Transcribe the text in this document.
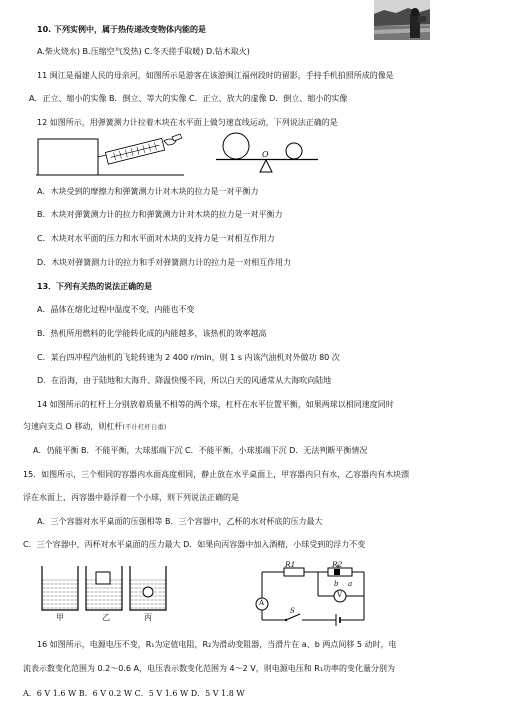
10. 下列实例中，属于热传递改变物体内能的是
A.柴火烧水) B.压缩空气发热) C.冬天搓手取暖) D.钻木取火)
11 闽江是福建人民的母亲河，如图所示是游客在该游闽江福州段时的留影，手持手机拍照所成的像是
A．正立、缩小的实像 B．倒立、等大的实像 C．正立、放大的虚像 D．倒立、缩小的实像
12 如图所示，用弹簧测力计拉着木块在水平面上做匀速直线运动，下列说法正确的是
O
A．木块受到的摩擦力和弹簧测力计对木块的拉力是一对平衡力
B．木块对弹簧测力计的拉力和弹簧测力计对木块的拉力是一对平衡力
C．木块对水平面的压力和水平面对木块的支持力是一对相互作用力
D．木块对弹簧测力计的拉力和手对弹簧测力计的拉力是一对相互作用力
13．下列有关热的说法正确的是
A．晶体在熔化过程中温度不变，内能也不变
B．热机所用燃料的化学能转化成的内能越多，该热机的效率越高
C．某台四冲程汽油机的飞轮转速为 2 400 r/min，则 1 s 内该汽油机对外做功 80 次
D．在沿海，由于陆地和大海升、降温快慢不同，所以白天的风通常从大海吹向陆地
14 如图所示的杠杆上分别放着质量不相等的两个球，杠杆在水平位置平衡，如果两球以相同速度同时
匀速向支点 O 移动，则杠杆(不计杠杆自重)
A．仍能平衡 B．不能平衡，大球那端下沉 C．不能平衡，小球那端下沉 D．无法判断平衡情况
15．如图所示，三个相同的容器内水面高度相同，静止放在水平桌面上，甲容器内只有水，乙容器内有木块漂
浮在水面上，丙容器中悬浮着一个小球，则下列说法正确的是
A．三个容器对水平桌面的压强相等 B．三个容器中，乙杯的水对杯底的压力最大
C．三个容器中，丙杯对水平桌面的压力最大 D．如果向丙容器中加入酒精，小球受到的浮力不变
甲	乙	丙
R1	R2
b a
A
V
S
16 如图所示，电源电压不变，R₁为定值电阻，R₂为滑动变阻器，当滑片在 a、b 两点间移 5 动时，电
流表示数变化范围为 0.2～0.6 A，电压表示数变化范围为 4～2 V，则电源电压和 R₁功率的变化量分别为
A．6 V 1.6 W B．6 V 0.2 W C．5 V 1.6 W D．5 V 1.8 W
